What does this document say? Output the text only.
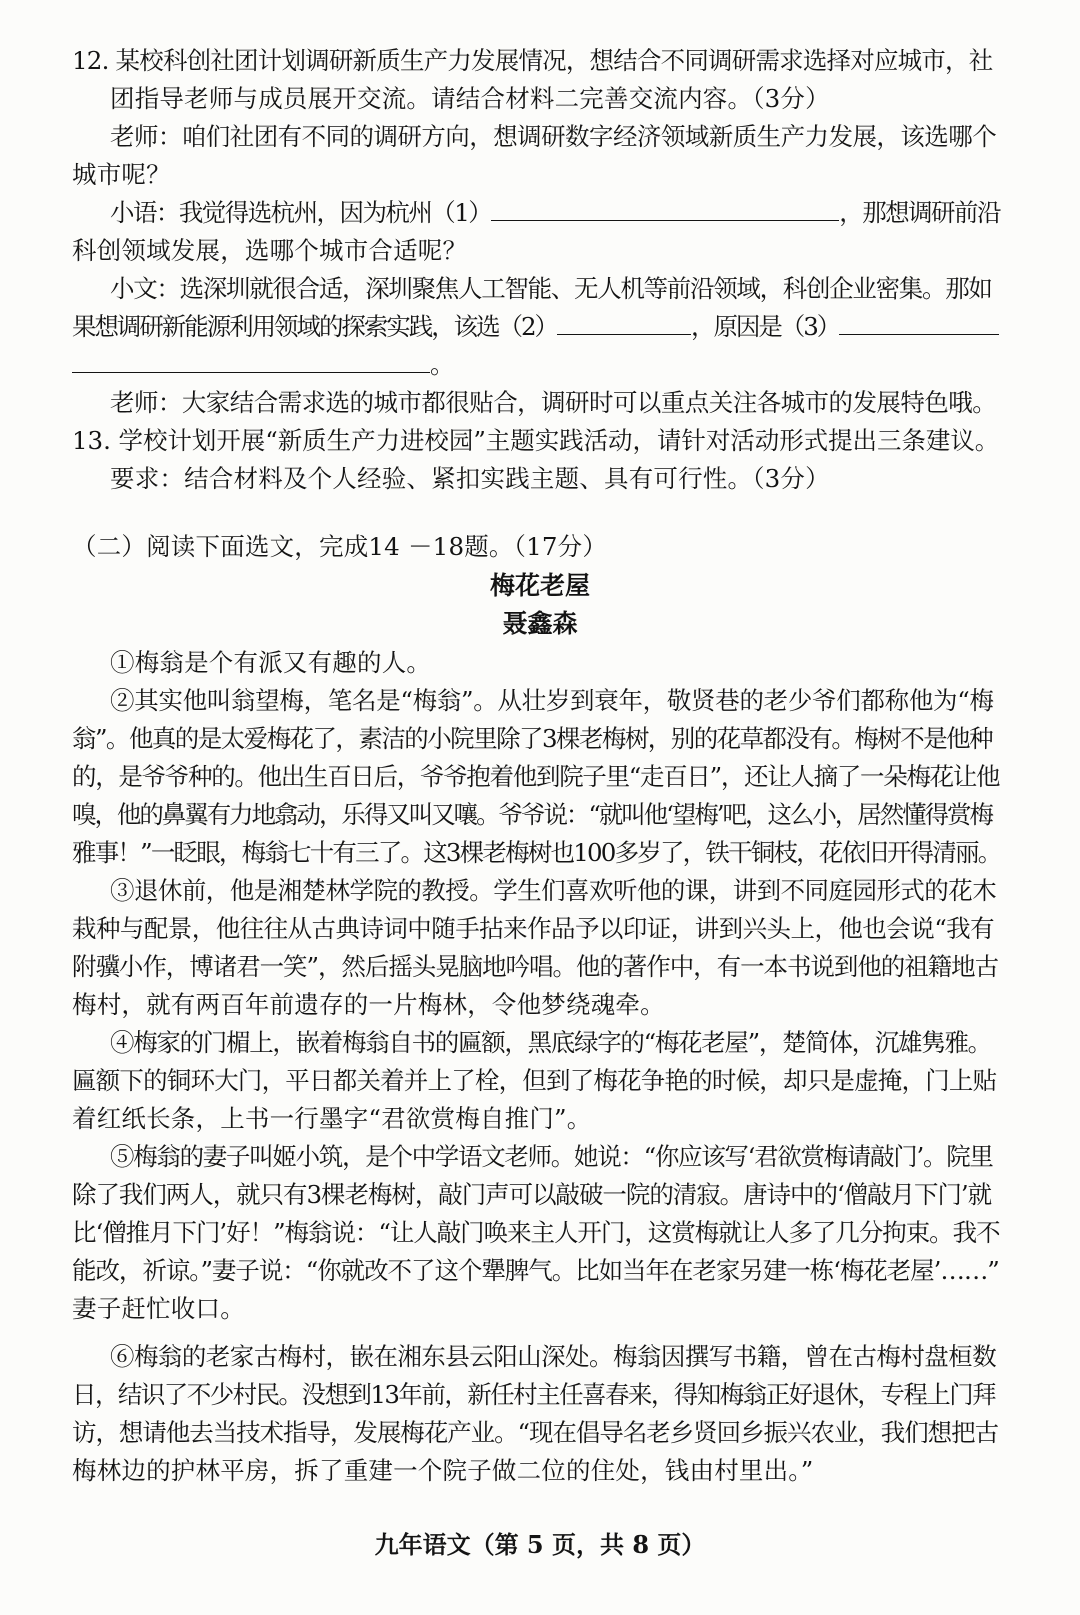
12. 某校科创社团计划调研新质生产力发展情况，想结合不同调研需求选择对应城市，社
团指导老师与成员展开交流。请结合材料二完善交流内容。（3分）
老师：咱们社团有不同的调研方向，想调研数字经济领域新质生产力发展，该选哪个
城市呢？
小语：我觉得选杭州，因为杭州（1）	，那想调研前沿
科创领域发展，选哪个城市合适呢？
小文：选深圳就很合适，深圳聚焦人工智能、无人机等前沿领域，科创企业密集。那如
果想调研新能源利用领域的探索实践，该选（2）	，原因是（3）
。
老师：大家结合需求选的城市都很贴合，调研时可以重点关注各城市的发展特色哦。
13. 学校计划开展“新质生产力进校园”主题实践活动，请针对活动形式提出三条建议。
要求：结合材料及个人经验、紧扣实践主题、具有可行性。（3分）
（二）阅读下面选文，完成14 －18题。（17分）
梅花老屋
聂鑫森
①梅翁是个有派又有趣的人。
②其实他叫翁望梅，笔名是“梅翁”。从壮岁到衰年，敬贤巷的老少爷们都称他为“梅
翁”。他真的是太爱梅花了，素洁的小院里除了3棵老梅树，别的花草都没有。梅树不是他种
的，是爷爷种的。他出生百日后，爷爷抱着他到院子里“走百日”，还让人摘了一朵梅花让他
嗅，他的鼻翼有力地翕动，乐得又叫又嚷。爷爷说：“就叫他‘望梅’吧，这么小，居然懂得赏梅
雅事！”一眨眼，梅翁七十有三了。这3棵老梅树也100多岁了，铁干铜枝，花依旧开得清丽。
③退休前，他是湘楚林学院的教授。学生们喜欢听他的课，讲到不同庭园形式的花木
栽种与配景，他往往从古典诗词中随手拈来作品予以印证，讲到兴头上，他也会说“我有
附骥小作，博诸君一笑”，然后摇头晃脑地吟唱。他的著作中，有一本书说到他的祖籍地古
梅村，就有两百年前遗存的一片梅林，令他梦绕魂牵。
④梅家的门楣上，嵌着梅翁自书的匾额，黑底绿字的“梅花老屋”，楚简体，沉雄隽雅。
匾额下的铜环大门，平日都关着并上了栓，但到了梅花争艳的时候，却只是虚掩，门上贴
着红纸长条，上书一行墨字“君欲赏梅自推门”。
⑤梅翁的妻子叫姬小筑，是个中学语文老师。她说：“你应该写‘君欲赏梅请敲门’。院里
除了我们两人，就只有3棵老梅树，敲门声可以敲破一院的清寂。唐诗中的‘僧敲月下门’就
比‘僧推月下门’好！”梅翁说：“让人敲门唤来主人开门，这赏梅就让人多了几分拘束。我不
能改，祈谅。”妻子说：“你就改不了这个犟脾气。比如当年在老家另建一栋‘梅花老屋’……”
妻子赶忙收口。
⑥梅翁的老家古梅村，嵌在湘东县云阳山深处。梅翁因撰写书籍，曾在古梅村盘桓数
日，结识了不少村民。没想到13年前，新任村主任喜春来，得知梅翁正好退休，专程上门拜
访，想请他去当技术指导，发展梅花产业。“现在倡导名老乡贤回乡振兴农业，我们想把古
梅林边的护林平房，拆了重建一个院子做二位的住处，钱由村里出。”
九年语文（第 5 页，共 8 页）
